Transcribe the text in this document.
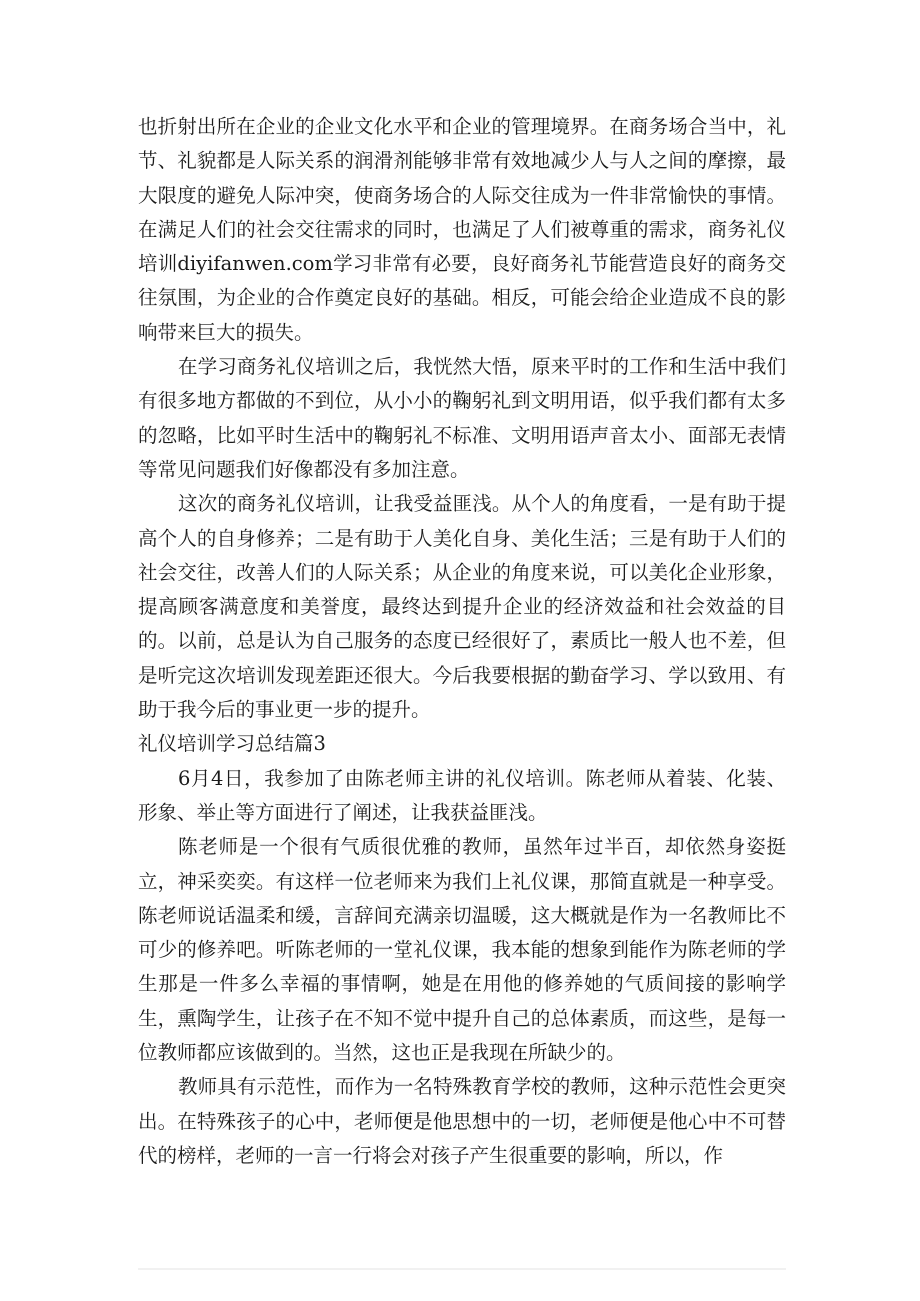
也折射出所在企业的企业文化水平和企业的管理境界。在商务场合当中，礼节、礼貌都是人际关系的润滑剂能够非常有效地减少人与人之间的摩擦，最大限度的避免人际冲突，使商务场合的人际交往成为一件非常愉快的事情。在满足人们的社会交往需求的同时，也满足了人们被尊重的需求，商务礼仪培训diyifanwen.com学习非常有必要，良好商务礼节能营造良好的商务交往氛围，为企业的合作奠定良好的基础。相反，可能会给企业造成不良的影响带来巨大的损失。

在学习商务礼仪培训之后，我恍然大悟，原来平时的工作和生活中我们有很多地方都做的不到位，从小小的鞠躬礼到文明用语，似乎我们都有太多的忽略，比如平时生活中的鞠躬礼不标准、文明用语声音太小、面部无表情等常见问题我们好像都没有多加注意。

这次的商务礼仪培训，让我受益匪浅。从个人的角度看，一是有助于提高个人的自身修养；二是有助于人美化自身、美化生活；三是有助于人们的社会交往，改善人们的人际关系；从企业的角度来说，可以美化企业形象，提高顾客满意度和美誉度，最终达到提升企业的经济效益和社会效益的目的。以前，总是认为自己服务的态度已经很好了，素质比一般人也不差，但是听完这次培训发现差距还很大。今后我要根据的勤奋学习、学以致用、有助于我今后的事业更一步的提升。

礼仪培训学习总结篇3

6月4日，我参加了由陈老师主讲的礼仪培训。陈老师从着装、化装、形象、举止等方面进行了阐述，让我获益匪浅。

陈老师是一个很有气质很优雅的教师，虽然年过半百，却依然身姿挺立，神采奕奕。有这样一位老师来为我们上礼仪课，那简直就是一种享受。陈老师说话温柔和缓，言辞间充满亲切温暖，这大概就是作为一名教师比不可少的修养吧。听陈老师的一堂礼仪课，我本能的想象到能作为陈老师的学生那是一件多么幸福的事情啊，她是在用他的修养她的气质间接的影响学生，熏陶学生，让孩子在不知不觉中提升自己的总体素质，而这些，是每一位教师都应该做到的。当然，这也正是我现在所缺少的。

教师具有示范性，而作为一名特殊教育学校的教师，这种示范性会更突出。在特殊孩子的心中，老师便是他思想中的一切，老师便是他心中不可替代的榜样，老师的一言一行将会对孩子产生很重要的影响，所以，作
